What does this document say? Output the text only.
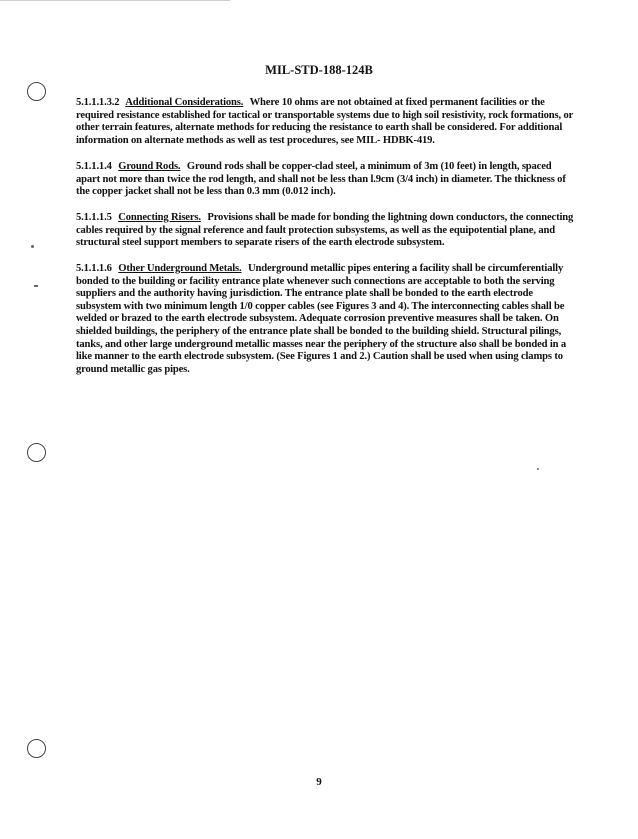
MIL-STD-188-124B
5.1.1.1.3.2 Additional Considerations. Where 10 ohms are not obtained at fixed permanent facilities or the required resistance established for tactical or transportable systems due to high soil resistivity, rock formations, or other terrain features, alternate methods for reducing the resistance to earth shall be considered. For additional information on alternate methods as well as test procedures, see MIL- HDBK-419.
5.1.1.1.4 Ground Rods. Ground rods shall be copper-clad steel, a minimum of 3m (10 feet) in length, spaced apart not more than twice the rod length, and shall not be less than l.9cm (3/4 inch) in diameter. The thickness of the copper jacket shall not be less than 0.3 mm (0.012 inch).
5.1.1.1.5 Connecting Risers. Provisions shall be made for bonding the lightning down conductors, the connecting cables required by the signal reference and fault protection subsystems, as well as the equipotential plane, and structural steel support members to separate risers of the earth electrode subsystem.
5.1.1.1.6 Other Underground Metals. Underground metallic pipes entering a facility shall be circumferentially bonded to the building or facility entrance plate whenever such connections are acceptable to both the serving suppliers and the authority having jurisdiction. The entrance plate shall be bonded to the earth electrode subsystem with two minimum length 1/0 copper cables (see Figures 3 and 4). The interconnecting cables shall be welded or brazed to the earth electrode subsystem. Adequate corrosion preventive measures shall be taken. On shielded buildings, the periphery of the entrance plate shall be bonded to the building shield. Structural pilings, tanks, and other large underground metallic masses near the periphery of the structure also shall be bonded in a like manner to the earth electrode subsystem. (See Figures 1 and 2.) Caution shall be used when using clamps to ground metallic gas pipes.
9
